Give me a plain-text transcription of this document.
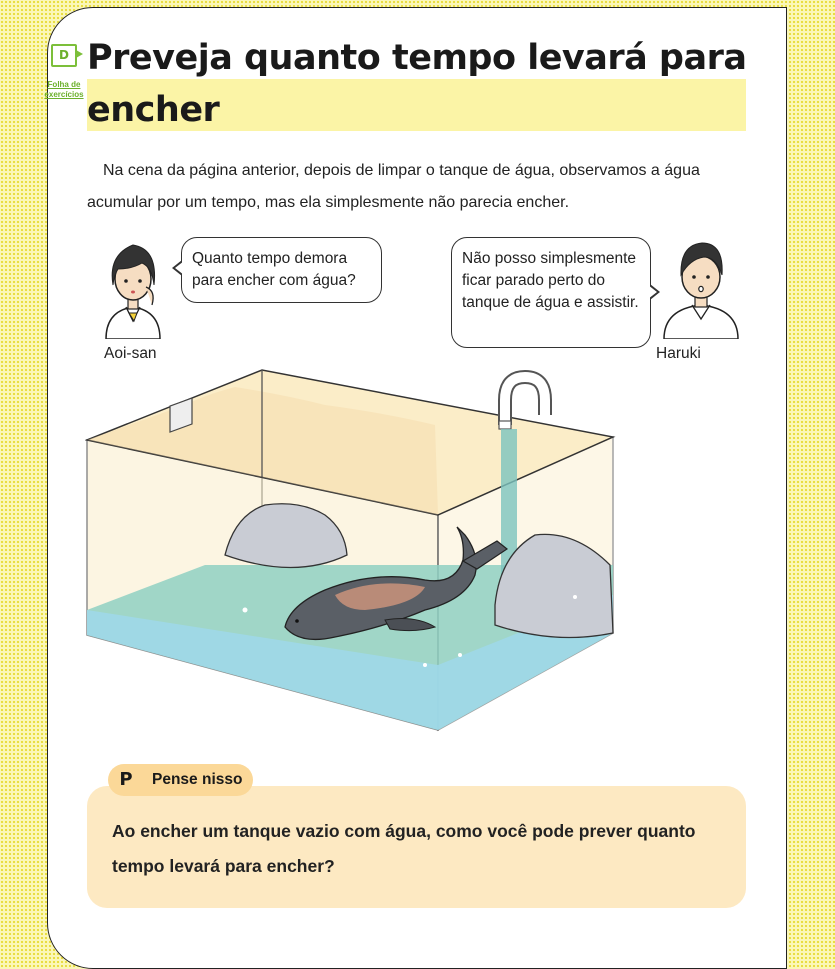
D
Folha de exercícios
Preveja quanto tempo levará para encher

Na cena da página anterior, depois de limpar o tanque de água, observamos a água acumular por um tempo, mas ela simplesmente não parecia encher.

Aoi-san
Quanto tempo demora para encher com água?
Não posso simplesmente ficar parado perto do tanque de água e assistir.
Haruki
P	Pense nisso

Ao encher um tanque vazio com água, como você pode prever quanto tempo levará para encher?
